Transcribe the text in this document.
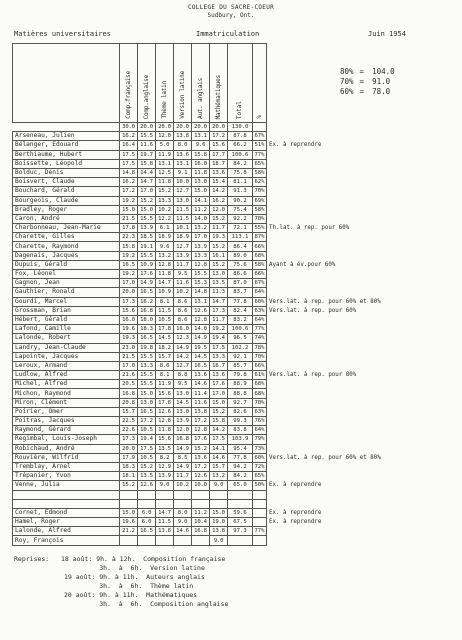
COLLEGE DU SACRE-COEUR
Sudbury, Ont.
Matières universitaires	Immatriculation	Juin 1954
80% = 104.0
70% = 91.0
60% = 78.0
	Comp.française	Comp.anglaise	Thème latin	Version latine	Aut. anglais	Mathématiques	Total	%	
	30.0	20.0	20.0	20.0	20.0	20.0	130.0		
Arseneau, Julien	16.2	15.5	12.0	13.8	13.1	17.2	87.8	67%	
Bélanger, Edouard	16.4	11.6	5.0	8.0	9.6	15.6	66.2	51%	Ex. à reprendre
Berthiaume, Hubert	17.5	19.7	11.9	13.6	15.8	17.7	100.6	77%	
Boissette, Léopold	17.5	15.8	13.1	13.1	16.0	18.7	84.2	65%	
Bolduc, Denis	14.8	14.4	12.5	9.1	11.8	13.6	75.8	58%	
Boisvert, Claude	16.2	14.7	11.8	10.0	13.0	15.4	81.1	62%	
Bouchard, Gérald	17.2	17.0	15.2	12.7	15.0	14.2	91.3	70%	
Bourgeois, Claude	19.2	15.2	13.3	13.0	14.1	16.2	90.2	69%	
Bradley, Roger	15.0	15.0	10.2	11.5	11.2	12.0	75.4	58%	
Caron, André	21.5	15.5	12.2	11.5	14.0	15.2	92.2	70%	
Charbonneau, Jean-Marie	17.8	13.9	6.1	10.1	13.2	11.7	72.1	55%	Th.lat. à rep. pour 60%
Charette, Gilles	22.3	18.5	18.9	18.9	17.0	19.3	113.1	87%	
Charette, Raymond	15.8	19.1	9.6	12.7	13.9	15.2	86.4	66%	
Dagenais, Jacques	19.2	15.5	13.2	13.9	13.3	16.1	89.0	68%	
Dupuis, Gérald	16.5	10.9	12.8	11.7	12.8	15.2	75.6	58%	Ayant à év.pour 60%
Fox, Léonel	19.2	17.6	11.8	9.5	15.5	13.0	86.6	66%	
Gagnon, Jean	17.0	14.9	14.7	11.6	15.3	13.5	87.0	67%	
Gauthier, Ronald	20.0	16.5	10.9	10.2	14.8	11.3	83.7	64%	
Gourdi, Marcel	17.3	16.2	8.1	8.6	13.1	14.7	77.8	60%	Vers.lat. à rep. pour 60% et 80%
Grossman, Brian	15.6	16.8	11.5	8.6	12.6	17.3	82.4	63%	Vers.lat. à rep. pour 60%
Hébert, Gérald	16.0	18.0	10.5	8.6	12.8	11.7	83.2	64%	
Lafond, Camille	19.6	18.3	17.8	16.0	14.0	19.2	100.6	77%	
Lalonde, Robert	19.3	16.5	14.5	12.3	14.9	19.4	96.5	74%	
Landry, Jean-Claude	23.0	19.8	18.2	14.9	19.5	17.5	102.2	78%	
Lapointe, Jacques	21.5	15.5	15.7	14.2	14.5	13.3	92.1	70%	
Leroux, Armand	17.0	13.3	8.6	12.7	16.5	16.7	85.7	66%	
Ludlow, Alfred	21.6	15.5	8.1	8.8	13.6	13.6	79.8	61%	Vers.lat. à rep. pour 80%
Michel, Alfred	20.5	15.5	11.9	9.5	14.6	17.6	88.9	68%	
Michon, Raymond	16.8	15.0	15.6	13.0	11.4	17.0	88.8	68%	
Miron, Clément	20.8	13.0	17.8	14.5	11.6	15.0	92.7	70%	
Poirier, Omer	15.7	16.5	12.6	13.0	13.8	15.2	82.6	63%	
Poitras, Jacques	22.5	17.2	12.8	13.9	17.2	15.8	99.3	76%	
Raymond, Gérard	22.6	10.5	11.8	12.0	12.8	14.2	83.8	64%	
Regimbal, Louis-Joseph	17.3	19.4	15.6	16.8	17.6	17.5	103.9	79%	
Robichaud, André	20.0	17.5	13.5	14.9	15.2	14.1	95.4	73%	
Rouvière, Wilfrid	17.9	10.5	8.2	8.5	13.6	14.6	77.8	60%	Vers.lat. à rep. pour 60% et 80%
Tremblay, Arnel	18.3	15.2	12.9	14.9	17.2	15.7	94.2	72%	
Trépanier, Yvon	18.1	13.5	13.9	11.7	12.6	13.2	84.2	65%	
Venne, Julia	15.2	12.6	9.0	10.2	10.0	9.0	65.0	50%	Ex. à reprendre

Cornet, Edmond	15.0	6.0	14.7	8.0	11.2	15.0	59.6		Ex. à reprendre
Hamel, Roger	19.6	6.0	11.5	9.0	10.4	19.0	67.5		Ex. à reprendre
Lalonde, Alfred	21.2	16.5	13.8	14.6	16.8	13.8	97.3	77%	
Roy, François						9.0			
Reprises: 18 août: 9h. à 12h.  Composition française
3h.  à  6h.  Version latine
19 août: 9h. à 11h.  Auteurs anglais
3h.  à  6h.  Thème latin
20 août: 9h. à 11h.  Mathématiques
3h.  à  6h.  Composition anglaise
